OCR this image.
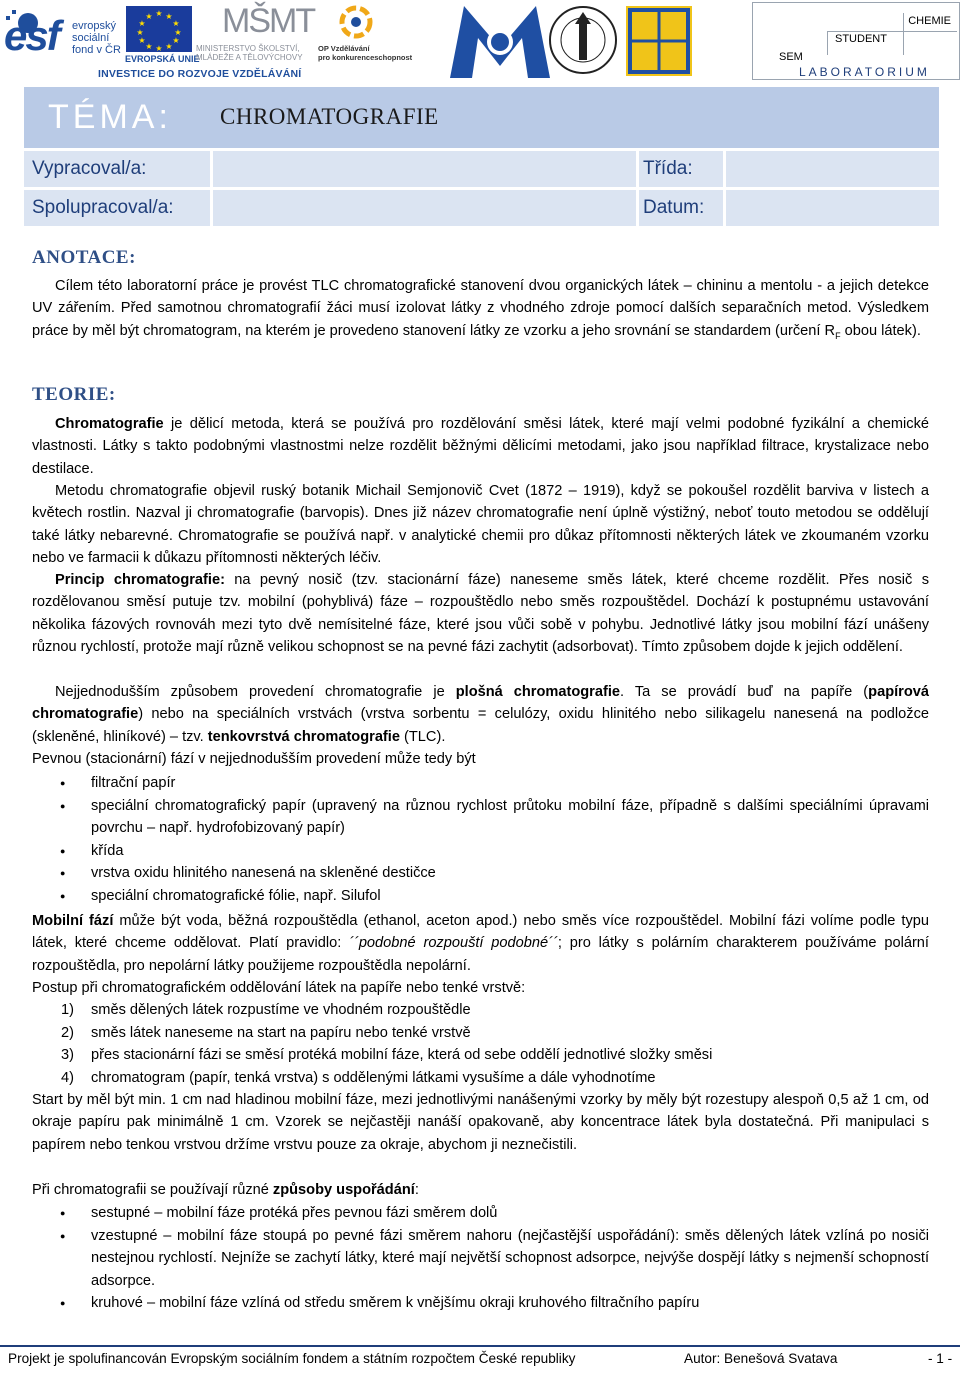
esf evropský
sociální
fond v ČR
★ ★
★
★
★
★
★
★
★
★
★
★
EVROPSKÁ UNIE
MŠMT
MINISTERSTVO ŠKOLSTVÍ,
MLÁDEŽE A TĚLOVÝCHOVY
OP Vzdělávání
pro konkurenceschopnost
INVESTICE DO ROZVOJE VZDĚLÁVÁNÍ
CHEMIE
STUDENT
SEM
LABORATORIUM
TÉMA: CHROMATOGRAFIE
Vypracoval/a:
Spolupracoval/a:
Třída:
Datum:
ANOTACE:
Cílem této laboratorní práce je provést TLC chromatografické stanovení dvou organických látek – chininu a mentolu - a jejich detekce UV zářením. Před samotnou chromatografií žáci musí izolovat látky z vhodného zdroje pomocí dalších separačních metod. Výsledkem práce by měl být chromatogram, na kterém je provedeno stanovení látky ze vzorku a jeho srovnání se standardem (určení $R_F$ obou látek).
TEORIE:
Chromatografie je dělicí metoda, která se používá pro rozdělování směsi látek, které mají velmi podobné fyzikální a chemické vlastnosti. Látky s takto podobnými vlastnostmi nelze rozdělit běžnými dělicími metodami, jako jsou například filtrace, krystalizace nebo destilace.
Metodu chromatografie objevil ruský botanik Michail Semjonovič Cvet (1872 – 1919), když se pokoušel rozdělit barviva v listech a květech rostlin. Nazval ji chromatografie (barvopis). Dnes již název chromatografie není úplně výstižný, neboť touto metodou se oddělují také látky nebarevné. Chromatografie se používá např. v analytické chemii pro důkaz přítomnosti některých látek ve zkoumaném vzorku nebo ve farmacii k důkazu přítomnosti některých léčiv.
Princip chromatografie: na pevný nosič (tzv. stacionární fáze) naneseme směs látek, které chceme rozdělit. Přes nosič s rozdělovanou směsí putuje tzv. mobilní (pohyblivá) fáze – rozpouštědlo nebo směs rozpouštědel. Dochází k postupnému ustavování několika fázových rovnováh mezi tyto dvě nemísitelné fáze, které jsou vůči sobě v pohybu. Jednotlivé látky jsou mobilní fází unášeny různou rychlostí, protože mají různě velikou schopnost se na pevné fázi zachytit (adsorbovat). Tímto způsobem dojde k jejich oddělení.
Nejjednodušším způsobem provedení chromatografie je plošná chromatografie. Ta se provádí buď na papíře (papírová chromatografie) nebo na speciálních vrstvách (vrstva sorbentu = celulózy, oxidu hlinitého nebo silikagelu nanesená na podložce (skleněné, hliníkové) – tzv. tenkovrstvá chromatografie (TLC).
Pevnou (stacionární) fází v nejjednodušším provedení může tedy být
● filtrační papír
● speciální chromatografický papír (upravený na různou rychlost průtoku mobilní fáze, případně s dalšími speciálními úpravami povrchu – např. hydrofobizovaný papír)
● křída
● vrstva oxidu hlinitého nanesená na skleněné destičce
● speciální chromatografické fólie, např. Silufol
Mobilní fází může být voda, běžná rozpouštědla (ethanol, aceton apod.) nebo směs více rozpouštědel. Mobilní fázi volíme podle typu látek, které chceme oddělovat. Platí pravidlo: ´´podobné rozpouští podobné´´; pro látky s polárním charakterem používáme polární rozpouštědla, pro nepolární látky použijeme rozpouštědla nepolární.
Postup při chromatografickém oddělování látek na papíře nebo tenké vrstvě:
1) směs dělených látek rozpustíme ve vhodném rozpouštědle
2) směs látek naneseme na start na papíru nebo tenké vrstvě
3) přes stacionární fázi se směsí protéká mobilní fáze, která od sebe oddělí jednotlivé složky směsi
4) chromatogram (papír, tenká vrstva) s oddělenými látkami vysušíme a dále vyhodnotíme
Start by měl být min. 1 cm nad hladinou mobilní fáze, mezi jednotlivými nanášenými vzorky by měly být rozestupy alespoň 0,5 až 1 cm, od okraje papíru pak minimálně 1 cm. Vzorek se nejčastěji nanáší opakovaně, aby koncentrace látek byla dostatečná. Při manipulaci s papírem nebo tenkou vrstvou držíme vrstvu pouze za okraje, abychom ji neznečistili.
Při chromatografii se používají různé způsoby uspořádání:
● sestupné – mobilní fáze protéká přes pevnou fázi směrem dolů
● vzestupné – mobilní fáze stoupá po pevné fázi směrem nahoru (nejčastější uspořádání): směs dělených látek vzlíná po nosiči nestejnou rychlostí. Nejníže se zachytí látky, které mají největší schopnost adsorpce, nejvýše dospějí látky s nejmenší schopností adsorpce.
● kruhové – mobilní fáze vzlíná od středu směrem k vnějšímu okraji kruhového filtračního papíru
Projekt je spolufinancován Evropským sociálním fondem a státním rozpočtem České republiky	Autor: Benešová Svatava	- 1 -
